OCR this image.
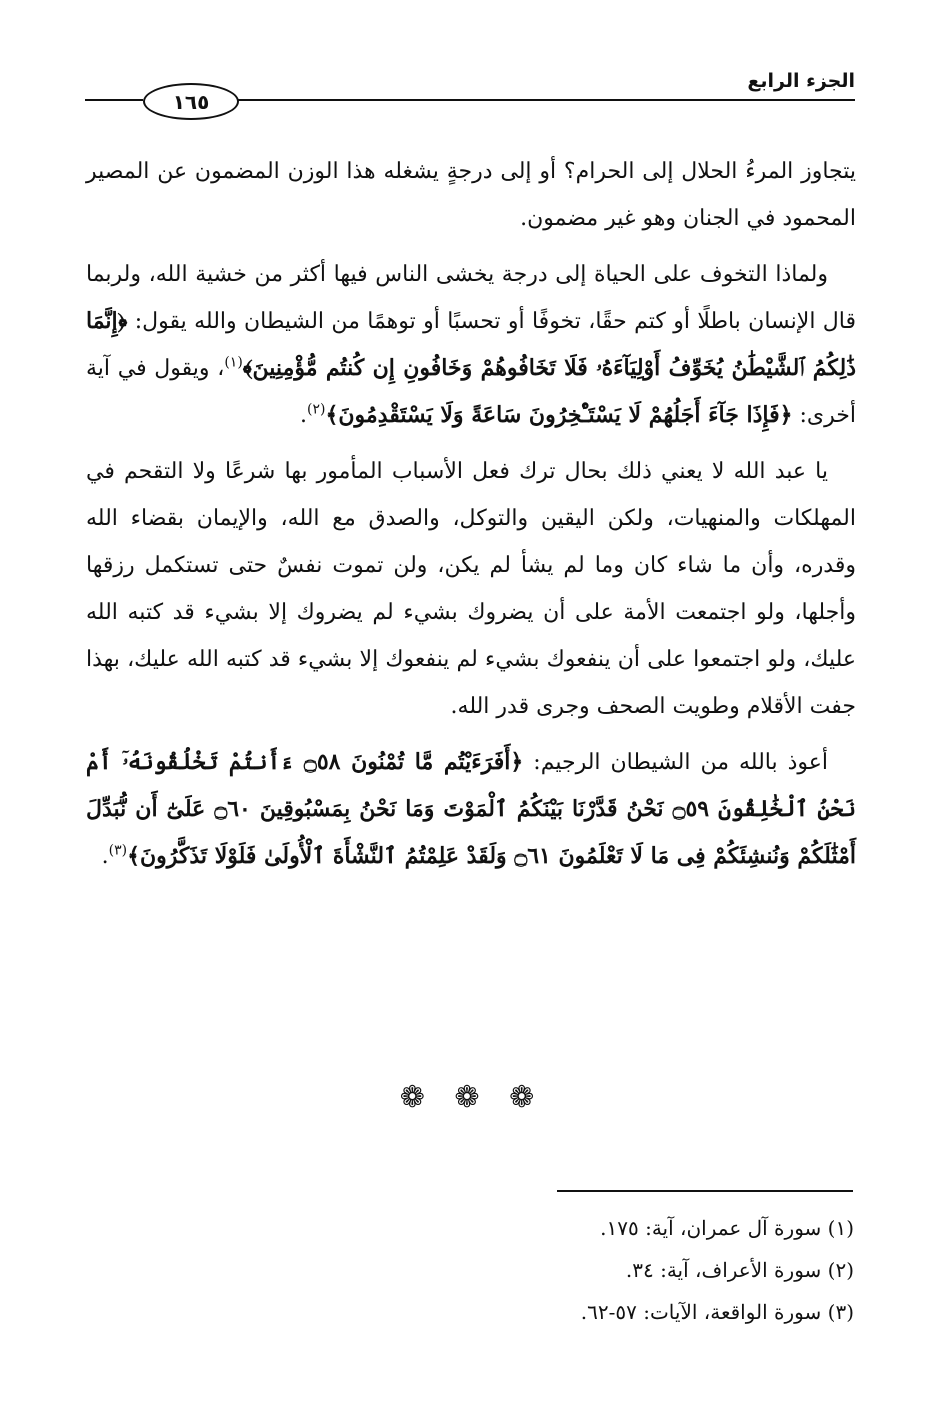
الجزء الرابع
١٦٥

يتجاوز المرءُ الحلال إلى الحرام؟ أو إلى درجةٍ يشغله هذا الوزن المضمون عن المصير المحمود في الجنان وهو غير مضمون.

ولماذا التخوف على الحياة إلى درجة يخشى الناس فيها أكثر من خشية الله، ولربما قال الإنسان باطلًا أو كتم حقًا، تخوفًا أو تحسبًا أو توهمًا من الشيطان والله يقول: ﴿إِنَّمَا ذَٰلِكُمُ ٱلشَّيْطَٰنُ يُخَوِّفُ أَوْلِيَآءَهُۥ فَلَا تَخَافُوهُمْ وَخَافُونِ إِن كُنتُم مُّؤْمِنِينَ﴾$^{(١)}$، ويقول في آية أخرى: ﴿فَإِذَا جَآءَ أَجَلُهُمْ لَا يَسْتَـْٔخِرُونَ سَاعَةً وَلَا يَسْتَقْدِمُونَ﴾$^{(٢)}$.

يا عبد الله لا يعني ذلك بحال ترك فعل الأسباب المأمور بها شرعًا ولا التقحم في المهلكات والمنهيات، ولكن اليقين والتوكل، والصدق مع الله، والإيمان بقضاء الله وقدره، وأن ما شاء كان وما لم يشأ لم يكن، ولن تموت نفسٌ حتى تستكمل رزقها وأجلها، ولو اجتمعت الأمة على أن يضروك بشيء لم يضروك إلا بشيء قد كتبه الله عليك، ولو اجتمعوا على أن ينفعوك بشيء لم ينفعوك إلا بشيء قد كتبه الله عليك، بهذا جفت الأقلام وطويت الصحف وجرى قدر الله.

أعوذ بالله من الشيطان الرجيم: ﴿أَفَرَءَيْتُم مَّا تُمْنُونَ ۝٥٨ ءَأَنتُمْ تَخْلُقُونَهُۥٓ أَمْ نَحْنُ ٱلْخَٰلِقُونَ ۝٥٩ نَحْنُ قَدَّرْنَا بَيْنَكُمُ ٱلْمَوْتَ وَمَا نَحْنُ بِمَسْبُوقِينَ ۝٦٠ عَلَىٰٓ أَن نُّبَدِّلَ أَمْثَٰلَكُمْ وَنُنشِئَكُمْ فِى مَا لَا تَعْلَمُونَ ۝٦١ وَلَقَدْ عَلِمْتُمُ ٱلنَّشْأَةَ ٱلْأُولَىٰ فَلَوْلَا تَذَكَّرُونَ﴾$^{(٣)}$.

❁ ❁ ❁
(١) سورة آل عمران، آية: ١٧٥.
(٢) سورة الأعراف، آية: ٣٤.
(٣) سورة الواقعة، الآيات: ٥٧-٦٢.
